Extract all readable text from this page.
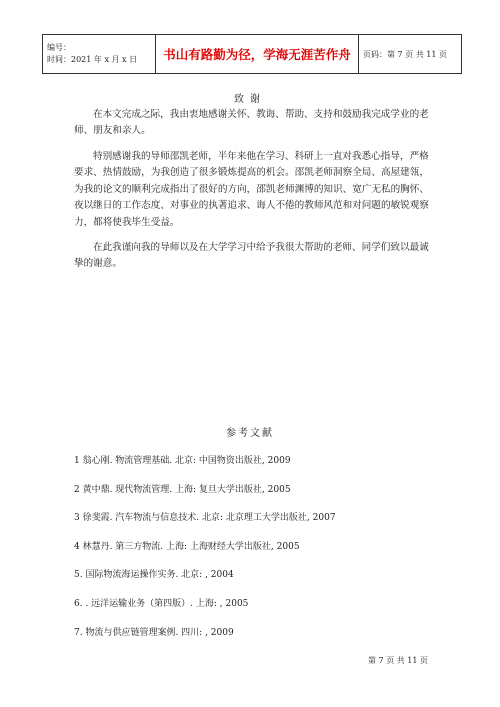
编号：
时间：2021 年 x 月 x 日	书山有路勤为径，学海无涯苦作舟	页码：第 7 页 共 11 页
致谢

在本文完成之际，我由衷地感谢关怀、教诲、帮助、支持和鼓励我完成学业的老师、朋友和亲人。

特别感谢我的导师邵凯老师，半年来他在学习、科研上一直对我悉心指导，严格要求、热情鼓励，为我创造了很多锻炼提高的机会。邵凯老师洞察全局、高屋建瓴，为我的论文的顺利完成指出了很好的方向，邵凯老师渊博的知识、宽广无私的胸怀、夜以继日的工作态度、对事业的执著追求、诲人不倦的教师风范和对问题的敏锐观察力，都将使我毕生受益。

在此我谨向我的导师以及在大学学习中给予我很大帮助的老师、同学们致以最诚挚的谢意。

参考文献
1 翁心刚. 物流管理基础. 北京: 中国物资出版社, 2009
2 黄中鼎. 现代物流管理. 上海: 复旦大学出版社, 2005
3 徐斐霞. 汽车物流与信息技术. 北京: 北京理工大学出版社, 2007
4 林慧丹. 第三方物流. 上海: 上海财经大学出版社, 2005
5. 国际物流海运操作实务. 北京: , 2004
6. . 远洋运输业务（第四版）. 上海: , 2005
7. 物流与供应链管理案例. 四川: , 2009
第 7 页 共 11 页
